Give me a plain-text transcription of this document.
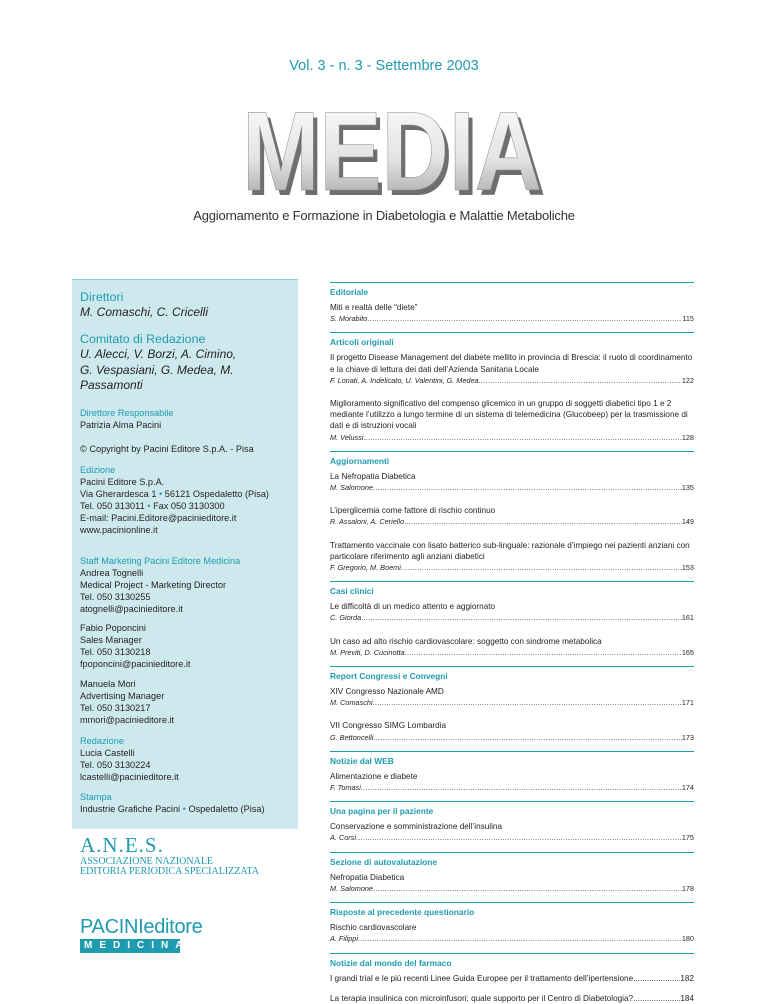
Vol. 3 - n. 3 - Settembre 2003
MEDIA
MEDIA
Aggiornamento e Formazione in Diabetologia e Malattie Metaboliche
Direttori
M. Comaschi, C. Cricelli
Comitato di Redazione
U. Alecci, V. Borzi, A. Cimino,
G. Vespasiani, G. Medea, M. Passamonti
Direttore Responsabile
Patrizia Alma Pacini
© Copyright by Pacini Editore S.p.A. - Pisa
Edizione
Pacini Editore S.p.A.
Via Gherardesca 1 • 56121 Ospedaletto (Pisa)
Tel. 050 313011 • Fax 050 3130300
E-mail: Pacini.Editore@pacinieditore.it
www.pacinionline.it
Staff Marketing Pacini Editore Medicina
Andrea Tognelli
Medical Project - Marketing Director
Tel. 050 3130255
atognelli@pacinieditore.it
Fabio Poponcini
Sales Manager
Tel. 050 3130218
fpoponcini@pacinieditore.it
Manuela Mori
Advertising Manager
Tel. 050 3130217
mmori@pacinieditore.it
Redazione
Lucia Castelli
Tel. 050 3130224
lcastelli@pacinieditore.it
Stampa
Industrie Grafiche Pacini • Ospedaletto (Pisa)
A.N.E.S.
ASSOCIAZIONE NAZIONALE
EDITORIA PERIODICA SPECIALIZZATA
PACINIeditore
MEDICINA
Editoriale
Miti e realtà delle “diete”
S. Morabito .....	115
Articoli originali
Il progetto Disease Management del diabete mellito in provincia di Brescia: il ruolo di coordinamento e la chiave di lettura dei dati dell’Azienda Sanitaria Locale
F. Lonati, A. Indelicato, U. Valentini, G. Medea .....	122
Miglioramento significativo del compenso glicemico in un gruppo di soggetti diabetici tipo 1 e 2 mediante l’utilizzo a lungo termine di un sistema di telemedicina (Glucobeep) per la trasmissione di dati e di istruzioni vocali
M. Velussi .....	128
Aggiornamenti
La Nefropatia Diabetica
M. Salomone .....	135
L’iperglicemia come fattore di rischio continuo
R. Assaloni, A. Ceriello .....	149
Trattamento vaccinale con lisato batterico sub-linguale: razionale d’impiego nei pazienti anziani con particolare riferimento agli anziani diabetici
F. Gregorio, M. Boemi .....	153
Casi clinici
Le difficoltà di un medico attento e aggiornato
C. Giorda .....	161
Un caso ad alto rischio cardiovascolare: soggetto con sindrome metabolica
M. Previti, D. Cucinotta .....	165
Report Congressi e Convegni
XIV Congresso Nazionale AMD
M. Comaschi .....	171
VII Congresso SIMG Lombardia
G. Bettoncelli .....	173
Notizie dal WEB
Alimentazione e diabete
F. Tomasi .....	174
Una pagina per il paziente
Conservazione e somministrazione dell’insulina
A. Corsi .....	175
Sezione di autovalutazione
Nefropatia Diabetica
M. Salomone .....	178
Risposte al precedente questionario
Rischio cardiovascolare
A. Filippi .....	180
Notizie dal mondo del farmaco
I grandi trial e le più recenti Linee Guida Europee per il trattamento dell’ipertensione .....	182
La terapia insulinica con microinfusori: quale supporto per il Centro di Diabetologia? .....	184
